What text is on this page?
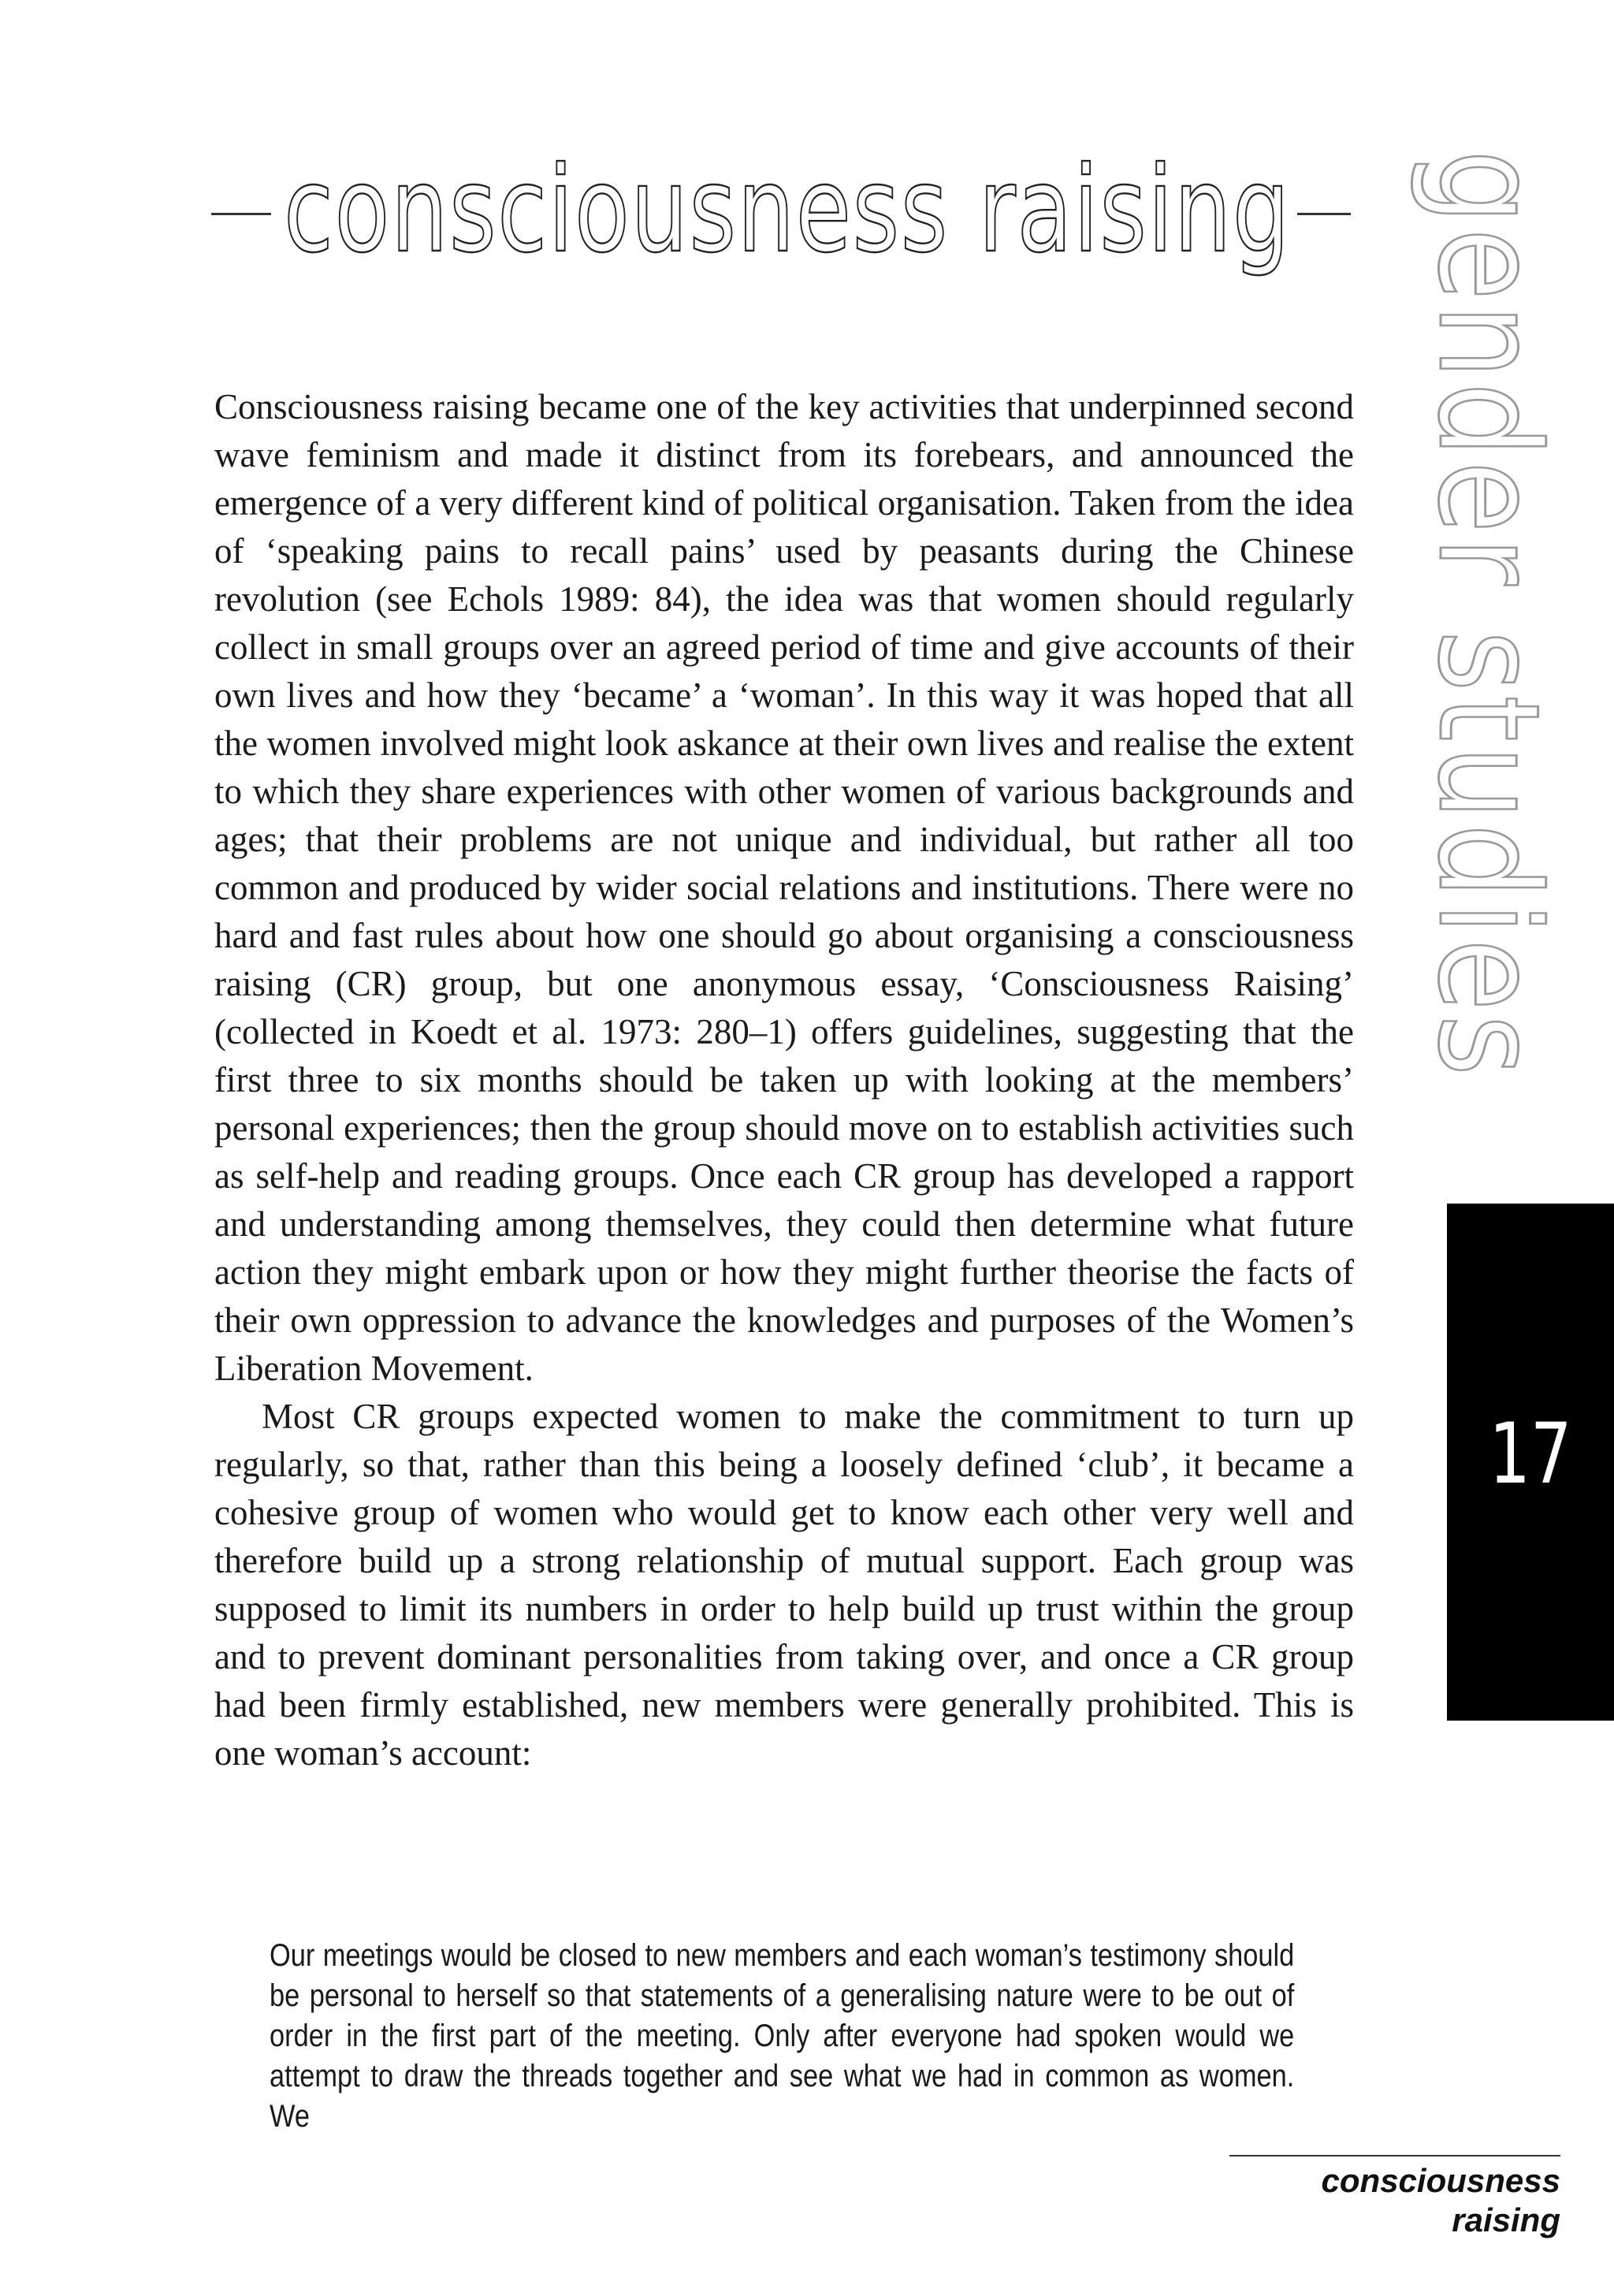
consciousness raising gender studies
17

Consciousness raising became one of the key activities that underpinned second wave feminism and made it distinct from its forebears, and announced the emergence of a very different kind of political organisation. Taken from the idea of ‘speaking pains to recall pains’ used by peasants during the Chinese revolution (see Echols 1989: 84), the idea was that women should regularly collect in small groups over an agreed period of time and give accounts of their own lives and how they ‘became’ a ‘woman’. In this way it was hoped that all the women involved might look askance at their own lives and realise the extent to which they share experiences with other women of various backgrounds and ages; that their problems are not unique and individual, but rather all too common and produced by wider social relations and institutions. There were no hard and fast rules about how one should go about organising a consciousness raising (CR) group, but one anonymous essay, ‘Consciousness Raising’ (collected in Koedt et al. 1973: 280–1) offers guidelines, suggesting that the first three to six months should be taken up with looking at the members’ personal experiences; then the group should move on to establish activities such as self-help and reading groups. Once each CR group has developed a rapport and understanding among themselves, they could then determine what future action they might embark upon or how they might further theorise the facts of their own oppression to advance the knowledges and purposes of the Women’s Liberation Movement.

Most CR groups expected women to make the commitment to turn up regularly, so that, rather than this being a loosely defined ‘club’, it became a cohesive group of women who would get to know each other very well and therefore build up a strong relationship of mutual support. Each group was supposed to limit its numbers in order to help build up trust within the group and to prevent dominant personalities from taking over, and once a CR group had been firmly established, new members were generally prohibited. This is one woman’s account:

Our meetings would be closed to new members and each woman’s testimony should be personal to herself so that statements of a generalising nature were to be out of order in the first part of the meeting. Only after everyone had spoken would we attempt to draw the threads together and see what we had in common as women. We
consciousness raising
